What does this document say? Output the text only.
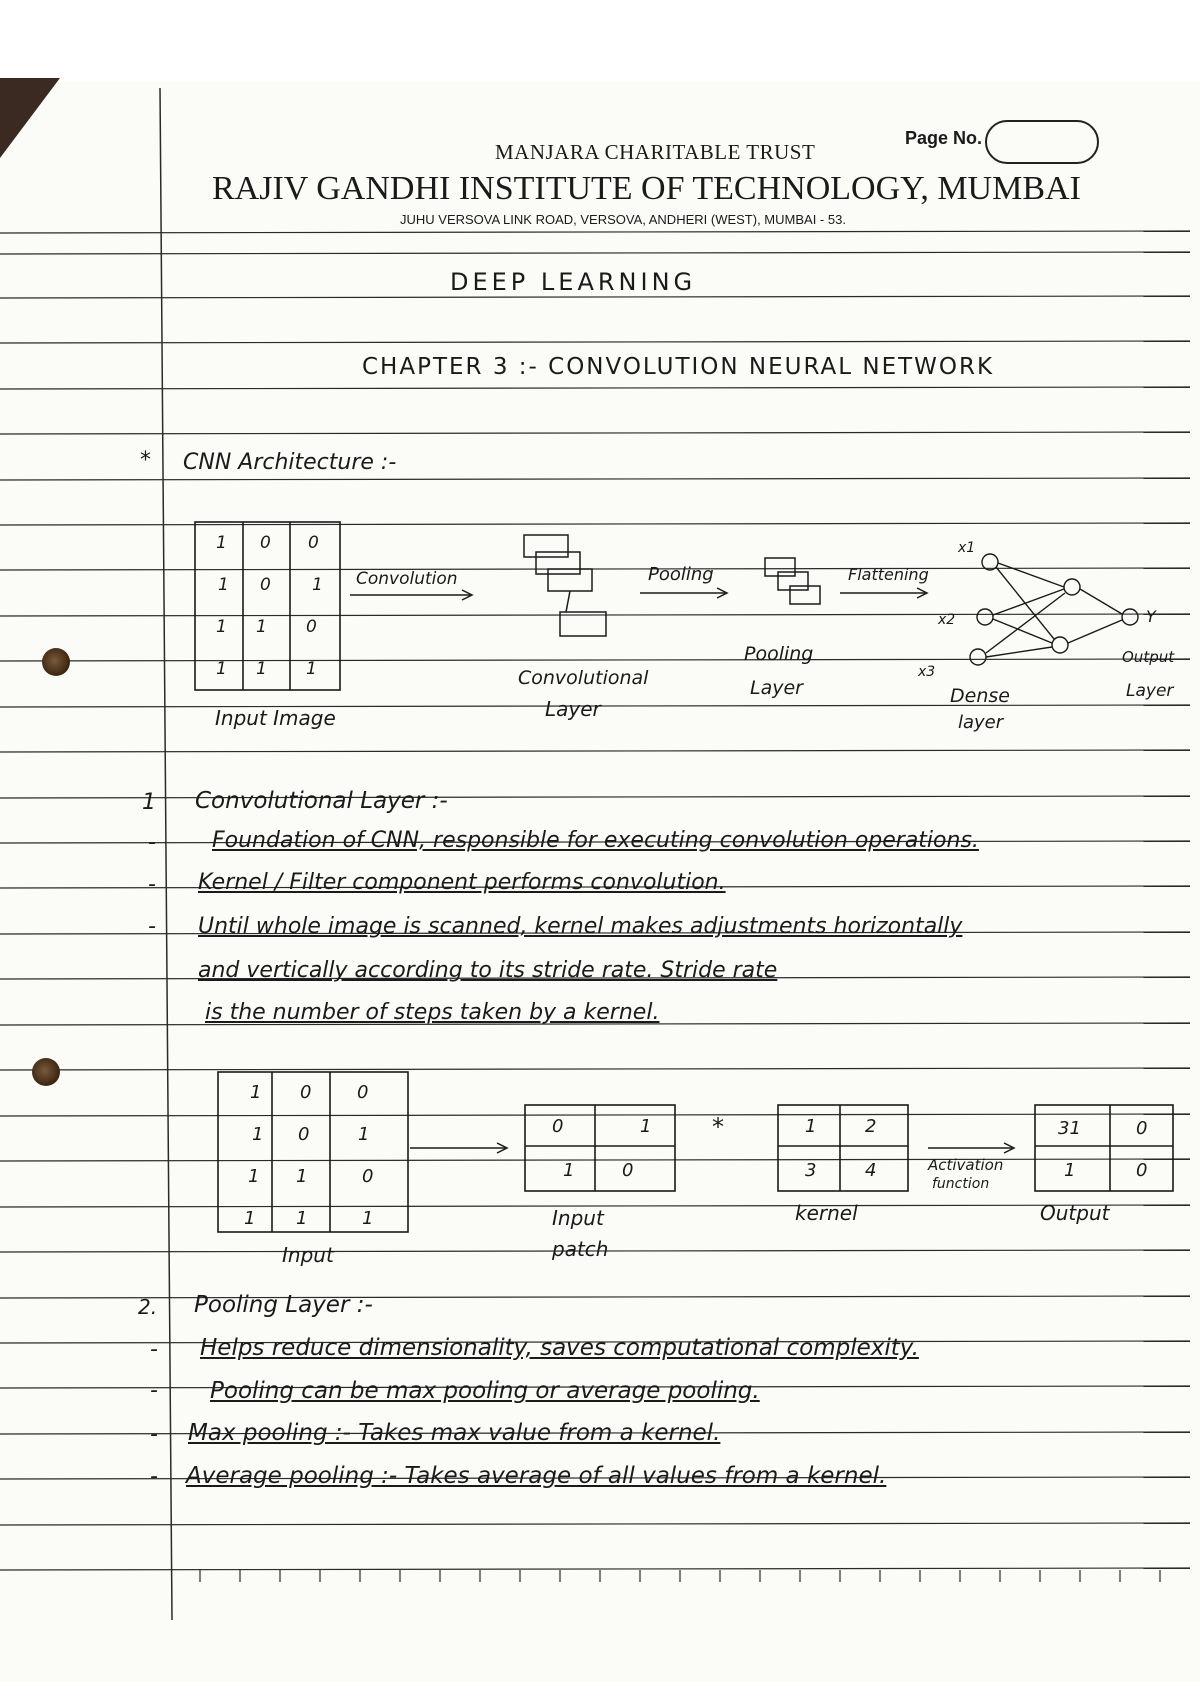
MANJARA CHARITABLE TRUST
Page No.
RAJIV GANDHI INSTITUTE OF TECHNOLOGY, MUMBAI
JUHU VERSOVA LINK ROAD, VERSOVA, ANDHERI (WEST), MUMBAI - 53.
DEEP LEARNING
CHAPTER 3 :- CONVOLUTION NEURAL NETWORK
* CNN Architecture :-
1 0 0
1 0 1
1 1 0
1 1 1
Input Image
Convolution
Convolutional
Layer
Pooling
Pooling
Layer
Flattening
x1
x2
x3
Y
Dense
layer
Output
Layer
1 Convolutional Layer :-
-	Foundation of CNN, responsible for executing convolution operations.
- Kernel / Filter component performs convolution.
- Until whole image is scanned, kernel makes adjustments horizontally
and vertically according to its stride rate. Stride rate
is the number of steps taken by a kernel.
1 0	0
1 0	1
1 1	0
1 1	1
Input
0	1
1	0
Input
patch
*	1	2
3	4
kernel
Activation
function
31	0
1	0
Output
2. Pooling Layer :-
- Helps reduce dimensionality, saves computational complexity.
- Pooling can be max pooling or average pooling.
- Max pooling :- Takes max value from a kernel.
- Average pooling :- Takes average of all values from a kernel.
